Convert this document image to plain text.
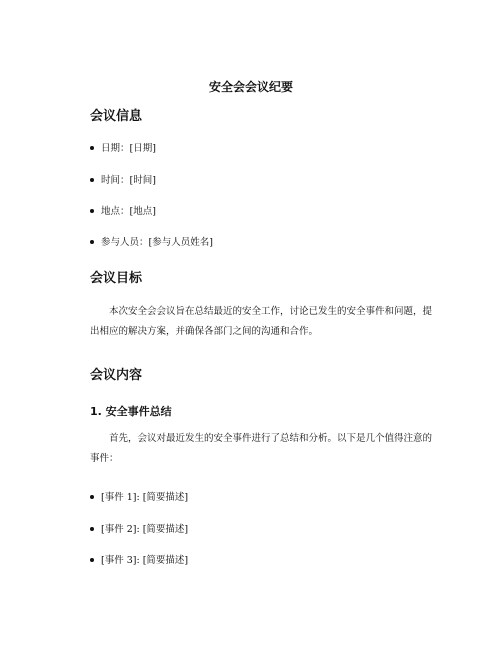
安全会会议纪要
会议信息
日期：[日期]
时间：[时间]
地点：[地点]
参与人员：[参与人员姓名]
会议目标
本次安全会会议旨在总结最近的安全工作，讨论已发生的安全事件和问题，提
出相应的解决方案，并确保各部门之间的沟通和合作。
会议内容
1. 安全事件总结
首先，会议对最近发生的安全事件进行了总结和分析。以下是几个值得注意的
事件：
[事件 1]: [简要描述]
[事件 2]: [简要描述]
[事件 3]: [简要描述]
